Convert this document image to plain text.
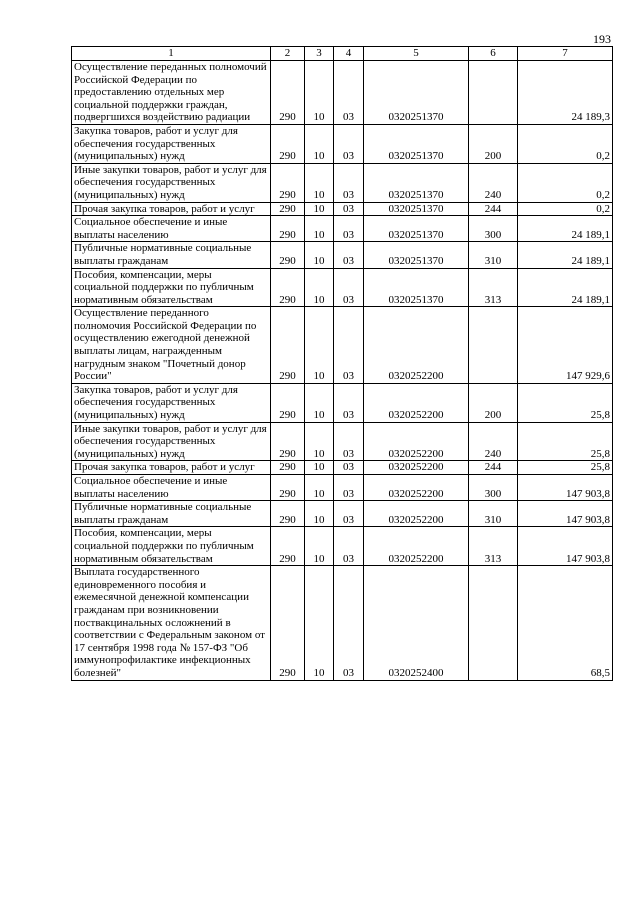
193
1	2	3	4	5	6	7
Осуществление переданных полномочий Российской Федерации по предоставлению отдельных мер социальной поддержки граждан, подвергшихся воздействию радиации	290	10	03	0320251370		24 189,3
Закупка товаров, работ и услуг для обеспечения государственных (муниципальных) нужд	290	10	03	0320251370	200	0,2
Иные закупки товаров, работ и услуг для обеспечения государственных (муниципальных) нужд	290	10	03	0320251370	240	0,2
Прочая закупка товаров, работ и услуг	290	10	03	0320251370	244	0,2
Социальное обеспечение и иные выплаты населению	290	10	03	0320251370	300	24 189,1
Публичные нормативные социальные выплаты гражданам	290	10	03	0320251370	310	24 189,1
Пособия, компенсации, меры социальной поддержки по публичным нормативным обязательствам	290	10	03	0320251370	313	24 189,1
Осуществление переданного полномочия Российской Федерации по осуществлению ежегодной денежной выплаты лицам, награжденным нагрудным знаком "Почетный донор России"	290	10	03	0320252200		147 929,6
Закупка товаров, работ и услуг для обеспечения государственных (муниципальных) нужд	290	10	03	0320252200	200	25,8
Иные закупки товаров, работ и услуг для обеспечения государственных (муниципальных) нужд	290	10	03	0320252200	240	25,8
Прочая закупка товаров, работ и услуг	290	10	03	0320252200	244	25,8
Социальное обеспечение и иные выплаты населению	290	10	03	0320252200	300	147 903,8
Публичные нормативные социальные выплаты гражданам	290	10	03	0320252200	310	147 903,8
Пособия, компенсации, меры социальной поддержки по публичным нормативным обязательствам	290	10	03	0320252200	313	147 903,8
Выплата государственного единовременного пособия и ежемесячной денежной компенсации гражданам при возникновении поствакцинальных осложнений в соответствии с Федеральным законом от 17 сентября 1998 года № 157-ФЗ "Об иммунопрофилактике инфекционных болезней"	290	10	03	0320252400		68,5
